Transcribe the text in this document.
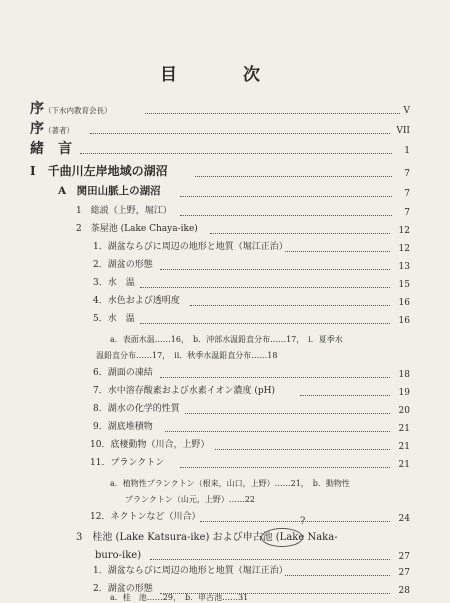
目 次
序（下水内教育会長）	V
序（著者）	VII
緒　言	1
I　千曲川左岸地域の湖沼	7
A　関田山脈上の湖沼	7
1　総説（上野，堀江）	7
2　茶屋池 (Lake Chaya-ike)	12
1．湖盆ならびに周辺の地形と地質（堀江正治）	12
2．湖盆の形態	13
3．水　温	15
4．水色および透明度	16
5．水　温	16
a．表面水温……16，　b．沖部水温鉛直分布……17，　i．夏季水
温鉛直分布……17，　ii．秋季水温鉛直分布……18
6．湖面の凍結	18
7．水中溶存酸素および水素イオン濃度 (pH)	19
8．湖水の化学的性質	20
9．湖底堆積物	21
10．底棲動物（川合，上野）	21
11．プランクトン	21
a．植物性プランクトン（根来，山口，上野）……21，　b．動物性
プランクトン（山元，上野）……22
12．ネクトンなど（川合）	24
3　桂池 (Lake Katsura-ike) および申古池 (Lake Naka-
?
buro-ike)	27
1．湖盆ならびに周辺の地形と地質（堀江正治）	27
2．湖盆の形態	28
a．桂　池……29，　b．申古池……31
